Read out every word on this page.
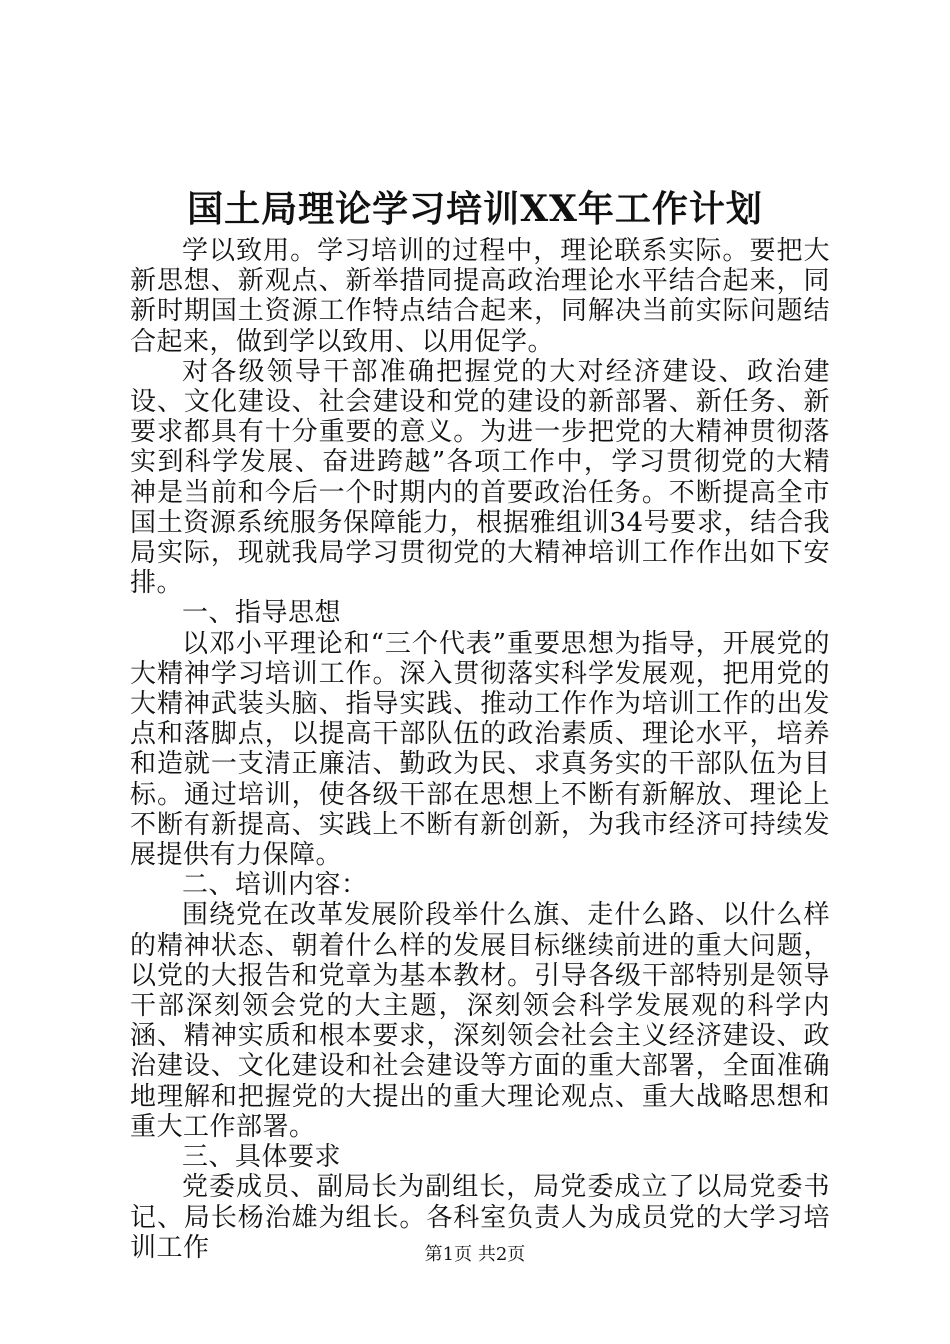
国土局理论学习培训XX年工作计划

学以致用。学习培训的过程中，理论联系实际。要把大新思想、新观点、新举措同提高政治理论水平结合起来，同新时期国土资源工作特点结合起来，同解决当前实际问题结合起来，做到学以致用、以用促学。

对各级领导干部准确把握党的大对经济建设、政治建设、文化建设、社会建设和党的建设的新部署、新任务、新要求都具有十分重要的意义。为进一步把党的大精神贯彻落实到科学发展、奋进跨越”各项工作中，学习贯彻党的大精神是当前和今后一个时期内的首要政治任务。不断提高全市国土资源系统服务保障能力，根据雅组训34号要求，结合我局实际，现就我局学习贯彻党的大精神培训工作作出如下安排。

一、指导思想

以邓小平理论和“三个代表”重要思想为指导，开展党的大精神学习培训工作。深入贯彻落实科学发展观，把用党的大精神武装头脑、指导实践、推动工作作为培训工作的出发点和落脚点，以提高干部队伍的政治素质、理论水平，培养和造就一支清正廉洁、勤政为民、求真务实的干部队伍为目标。通过培训，使各级干部在思想上不断有新解放、理论上不断有新提高、实践上不断有新创新，为我市经济可持续发展提供有力保障。

二、培训内容：

围绕党在改革发展阶段举什么旗、走什么路、以什么样的精神状态、朝着什么样的发展目标继续前进的重大问题，以党的大报告和党章为基本教材。引导各级干部特别是领导干部深刻领会党的大主题，深刻领会科学发展观的科学内涵、精神实质和根本要求，深刻领会社会主义经济建设、政治建设、文化建设和社会建设等方面的重大部署，全面准确地理解和把握党的大提出的重大理论观点、重大战略思想和重大工作部署。

三、具体要求

党委成员、副局长为副组长，局党委成立了以局党委书记、局长杨治雄为组长。各科室负责人为成员党的大学习培训工作	第1页 共2页
